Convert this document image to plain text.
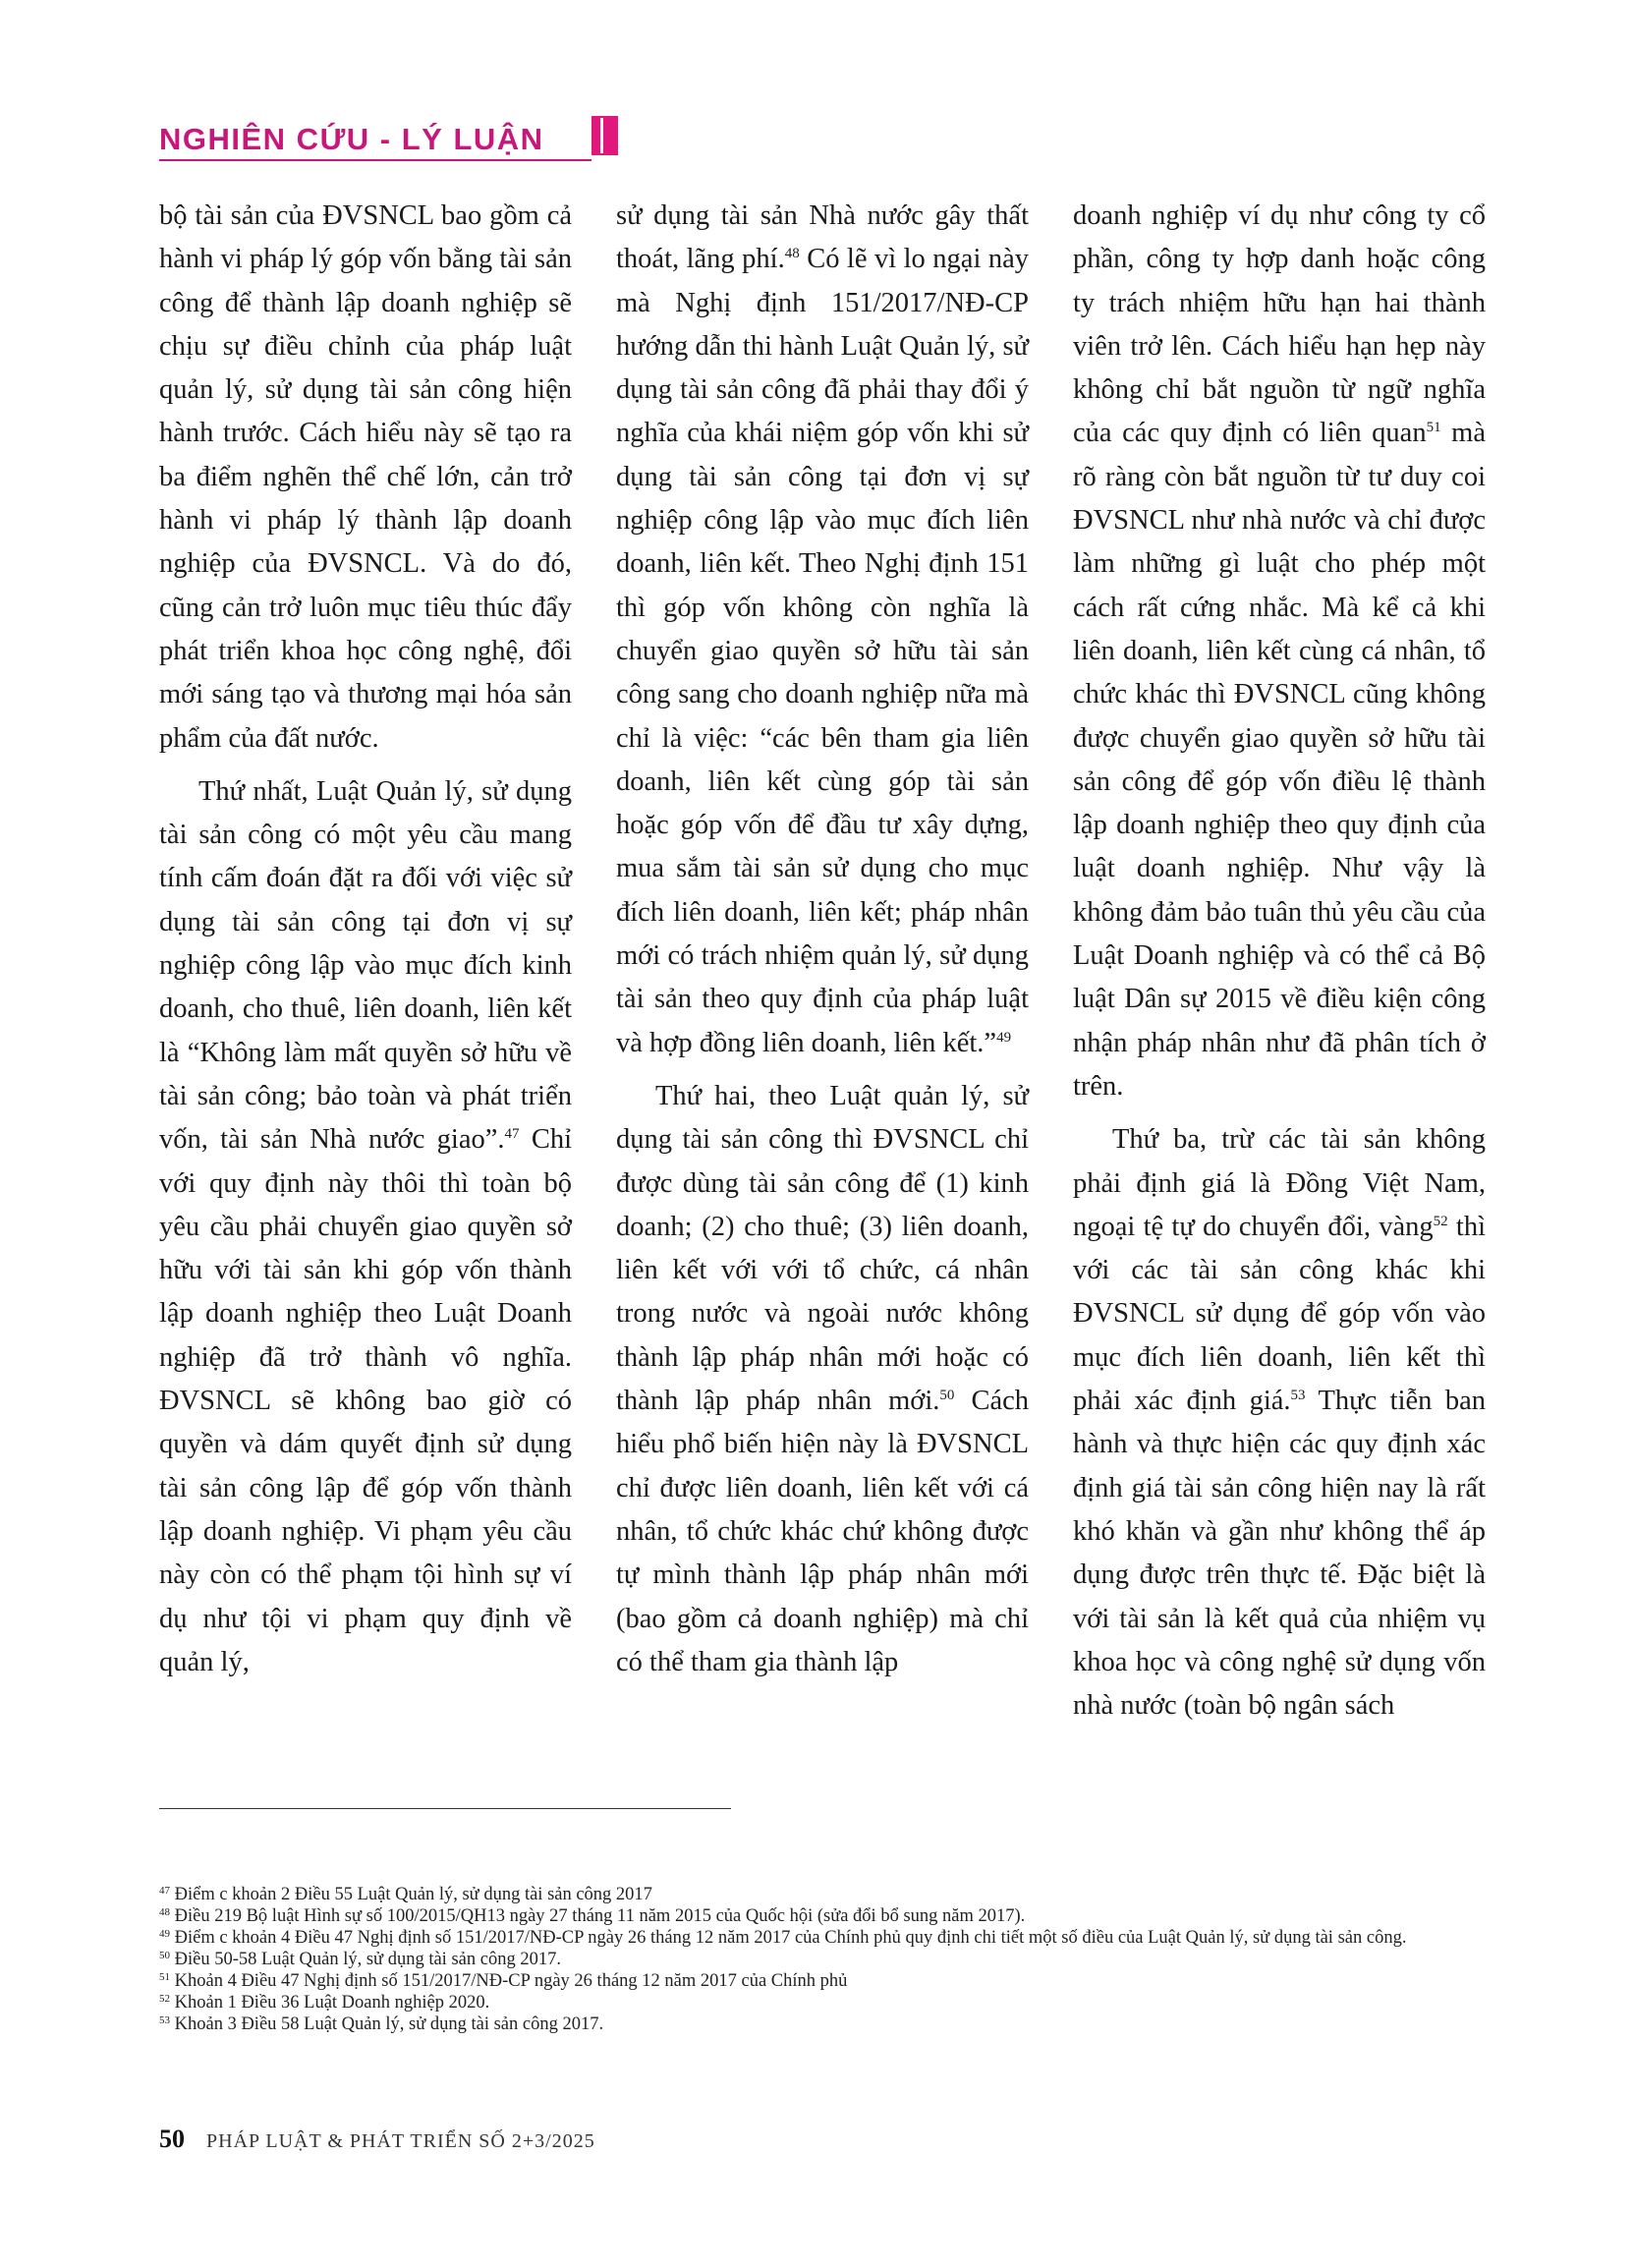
NGHIÊN CỨU - LÝ LUẬN

bộ tài sản của ĐVSNCL bao gồm cả hành vi pháp lý góp vốn bằng tài sản công để thành lập doanh nghiệp sẽ chịu sự điều chỉnh của pháp luật quản lý, sử dụng tài sản công hiện hành trước. Cách hiểu này sẽ tạo ra ba điểm nghẽn thể chế lớn, cản trở hành vi pháp lý thành lập doanh nghiệp của ĐVSNCL. Và do đó, cũng cản trở luôn mục tiêu thúc đẩy phát triển khoa học công nghệ, đổi mới sáng tạo và thương mại hóa sản phẩm của đất nước.

Thứ nhất, Luật Quản lý, sử dụng tài sản công có một yêu cầu mang tính cấm đoán đặt ra đối với việc sử dụng tài sản công tại đơn vị sự nghiệp công lập vào mục đích kinh doanh, cho thuê, liên doanh, liên kết là “Không làm mất quyền sở hữu về tài sản công; bảo toàn và phát triển vốn, tài sản Nhà nước giao”.$^{47}$ Chỉ với quy định này thôi thì toàn bộ yêu cầu phải chuyển giao quyền sở hữu với tài sản khi góp vốn thành lập doanh nghiệp theo Luật Doanh nghiệp đã trở thành vô nghĩa. ĐVSNCL sẽ không bao giờ có quyền và dám quyết định sử dụng tài sản công lập để góp vốn thành lập doanh nghiệp. Vi phạm yêu cầu này còn có thể phạm tội hình sự ví dụ như tội vi phạm quy định về quản lý,

sử dụng tài sản Nhà nước gây thất thoát, lãng phí.$^{48}$ Có lẽ vì lo ngại này mà Nghị định 151/2017/NĐ-CP hướng dẫn thi hành Luật Quản lý, sử dụng tài sản công đã phải thay đổi ý nghĩa của khái niệm góp vốn khi sử dụng tài sản công tại đơn vị sự nghiệp công lập vào mục đích liên doanh, liên kết. Theo Nghị định 151 thì góp vốn không còn nghĩa là chuyển giao quyền sở hữu tài sản công sang cho doanh nghiệp nữa mà chỉ là việc: “các bên tham gia liên doanh, liên kết cùng góp tài sản hoặc góp vốn để đầu tư xây dựng, mua sắm tài sản sử dụng cho mục đích liên doanh, liên kết; pháp nhân mới có trách nhiệm quản lý, sử dụng tài sản theo quy định của pháp luật và hợp đồng liên doanh, liên kết.”$^{49}$

Thứ hai, theo Luật quản lý, sử dụng tài sản công thì ĐVSNCL chỉ được dùng tài sản công để (1) kinh doanh; (2) cho thuê; (3) liên doanh, liên kết với với tổ chức, cá nhân trong nước và ngoài nước không thành lập pháp nhân mới hoặc có thành lập pháp nhân mới.$^{50}$ Cách hiểu phổ biến hiện này là ĐVSNCL chỉ được liên doanh, liên kết với cá nhân, tổ chức khác chứ không được tự mình thành lập pháp nhân mới (bao gồm cả doanh nghiệp) mà chỉ có thể tham gia thành lập

doanh nghiệp ví dụ như công ty cổ phần, công ty hợp danh hoặc công ty trách nhiệm hữu hạn hai thành viên trở lên. Cách hiểu hạn hẹp này không chỉ bắt nguồn từ ngữ nghĩa của các quy định có liên quan$^{51}$ mà rõ ràng còn bắt nguồn từ tư duy coi ĐVSNCL như nhà nước và chỉ được làm những gì luật cho phép một cách rất cứng nhắc. Mà kể cả khi liên doanh, liên kết cùng cá nhân, tổ chức khác thì ĐVSNCL cũng không được chuyển giao quyền sở hữu tài sản công để góp vốn điều lệ thành lập doanh nghiệp theo quy định của luật doanh nghiệp. Như vậy là không đảm bảo tuân thủ yêu cầu của Luật Doanh nghiệp và có thể cả Bộ luật Dân sự 2015 về điều kiện công nhận pháp nhân như đã phân tích ở trên.

Thứ ba, trừ các tài sản không phải định giá là Đồng Việt Nam, ngoại tệ tự do chuyển đổi, vàng$^{52}$ thì với các tài sản công khác khi ĐVSNCL sử dụng để góp vốn vào mục đích liên doanh, liên kết thì phải xác định giá.$^{53}$ Thực tiễn ban hành và thực hiện các quy định xác định giá tài sản công hiện nay là rất khó khăn và gần như không thể áp dụng được trên thực tế. Đặc biệt là với tài sản là kết quả của nhiệm vụ khoa học và công nghệ sử dụng vốn nhà nước (toàn bộ ngân sách

$^{47}$ Điểm c khoản 2 Điều 55 Luật Quản lý, sử dụng tài sản công 2017
$^{48}$ Điều 219 Bộ luật Hình sự số 100/2015/QH13 ngày 27 tháng 11 năm 2015 của Quốc hội (sửa đổi bổ sung năm 2017).
$^{49}$ Điểm c khoản 4 Điều 47 Nghị định số 151/2017/NĐ-CP ngày 26 tháng 12 năm 2017 của Chính phủ quy định chi tiết một số điều của Luật Quản lý, sử dụng tài sản công.
$^{50}$ Điều 50-58 Luật Quản lý, sử dụng tài sản công 2017.
$^{51}$ Khoản 4 Điều 47 Nghị định số 151/2017/NĐ-CP ngày 26 tháng 12 năm 2017 của Chính phủ
$^{52}$ Khoản 1 Điều 36 Luật Doanh nghiệp 2020.
$^{53}$ Khoản 3 Điều 58 Luật Quản lý, sử dụng tài sản công 2017.
50 PHÁP LUẬT & PHÁT TRIỂN SỐ 2+3/2025
